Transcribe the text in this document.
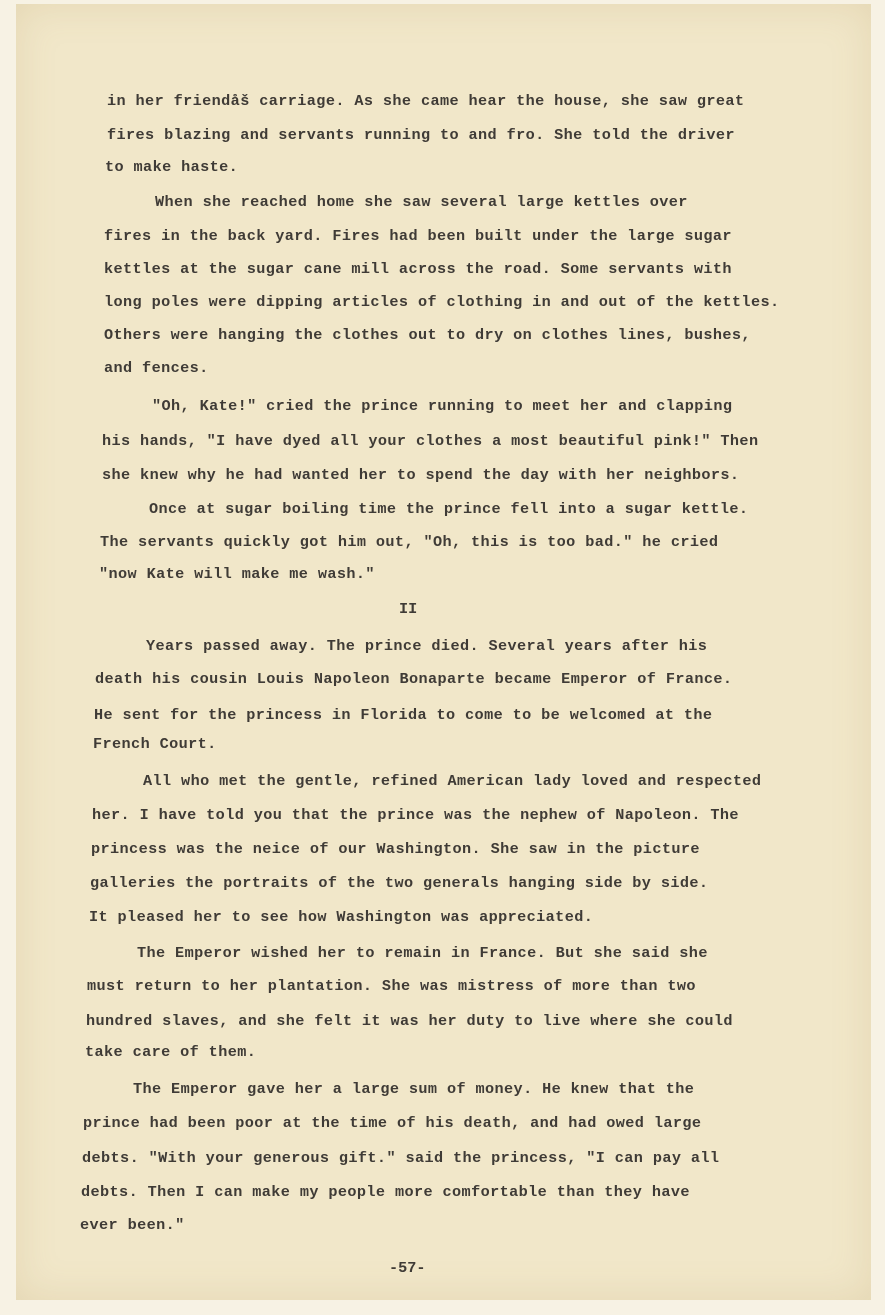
in her friendåš carriage. As she came hear the house, she saw great

fires blazing and servants running to and fro. She told the driver

to make haste.

When she reached home she saw several large kettles over

fires in the back yard. Fires had been built under the large sugar

kettles at the sugar cane mill across the road. Some servants with

long poles were dipping articles of clothing in and out of the kettles.

Others were hanging the clothes out to dry on clothes lines, bushes,

and fences.

"Oh, Kate!" cried the prince running to meet her and clapping

his hands, "I have dyed all your clothes a most beautiful pink!" Then

she knew why he had wanted her to spend the day with her neighbors.

Once at sugar boiling time the prince fell into a sugar kettle.

The servants quickly got him out, "Oh, this is too bad." he cried

"now Kate will make me wash."

II

Years passed away. The prince died. Several years after his

death his cousin Louis Napoleon Bonaparte became Emperor of France.

He sent for the princess in Florida to come to be welcomed at the

French Court.

All who met the gentle, refined American lady loved and respected

her. I have told you that the prince was the nephew of Napoleon. The

princess was the neice of our Washington. She saw in the picture

galleries the portraits of the two generals hanging side by side.

It pleased her to see how Washington was appreciated.

The Emperor wished her to remain in France. But she said she

must return to her plantation. She was mistress of more than two

hundred slaves, and she felt it was her duty to live where she could

take care of them.

The Emperor gave her a large sum of money. He knew that the

prince had been poor at the time of his death, and had owed large

debts. "With your generous gift." said the princess, "I can pay all

debts. Then I can make my people more comfortable than they have

ever been."

-57-
